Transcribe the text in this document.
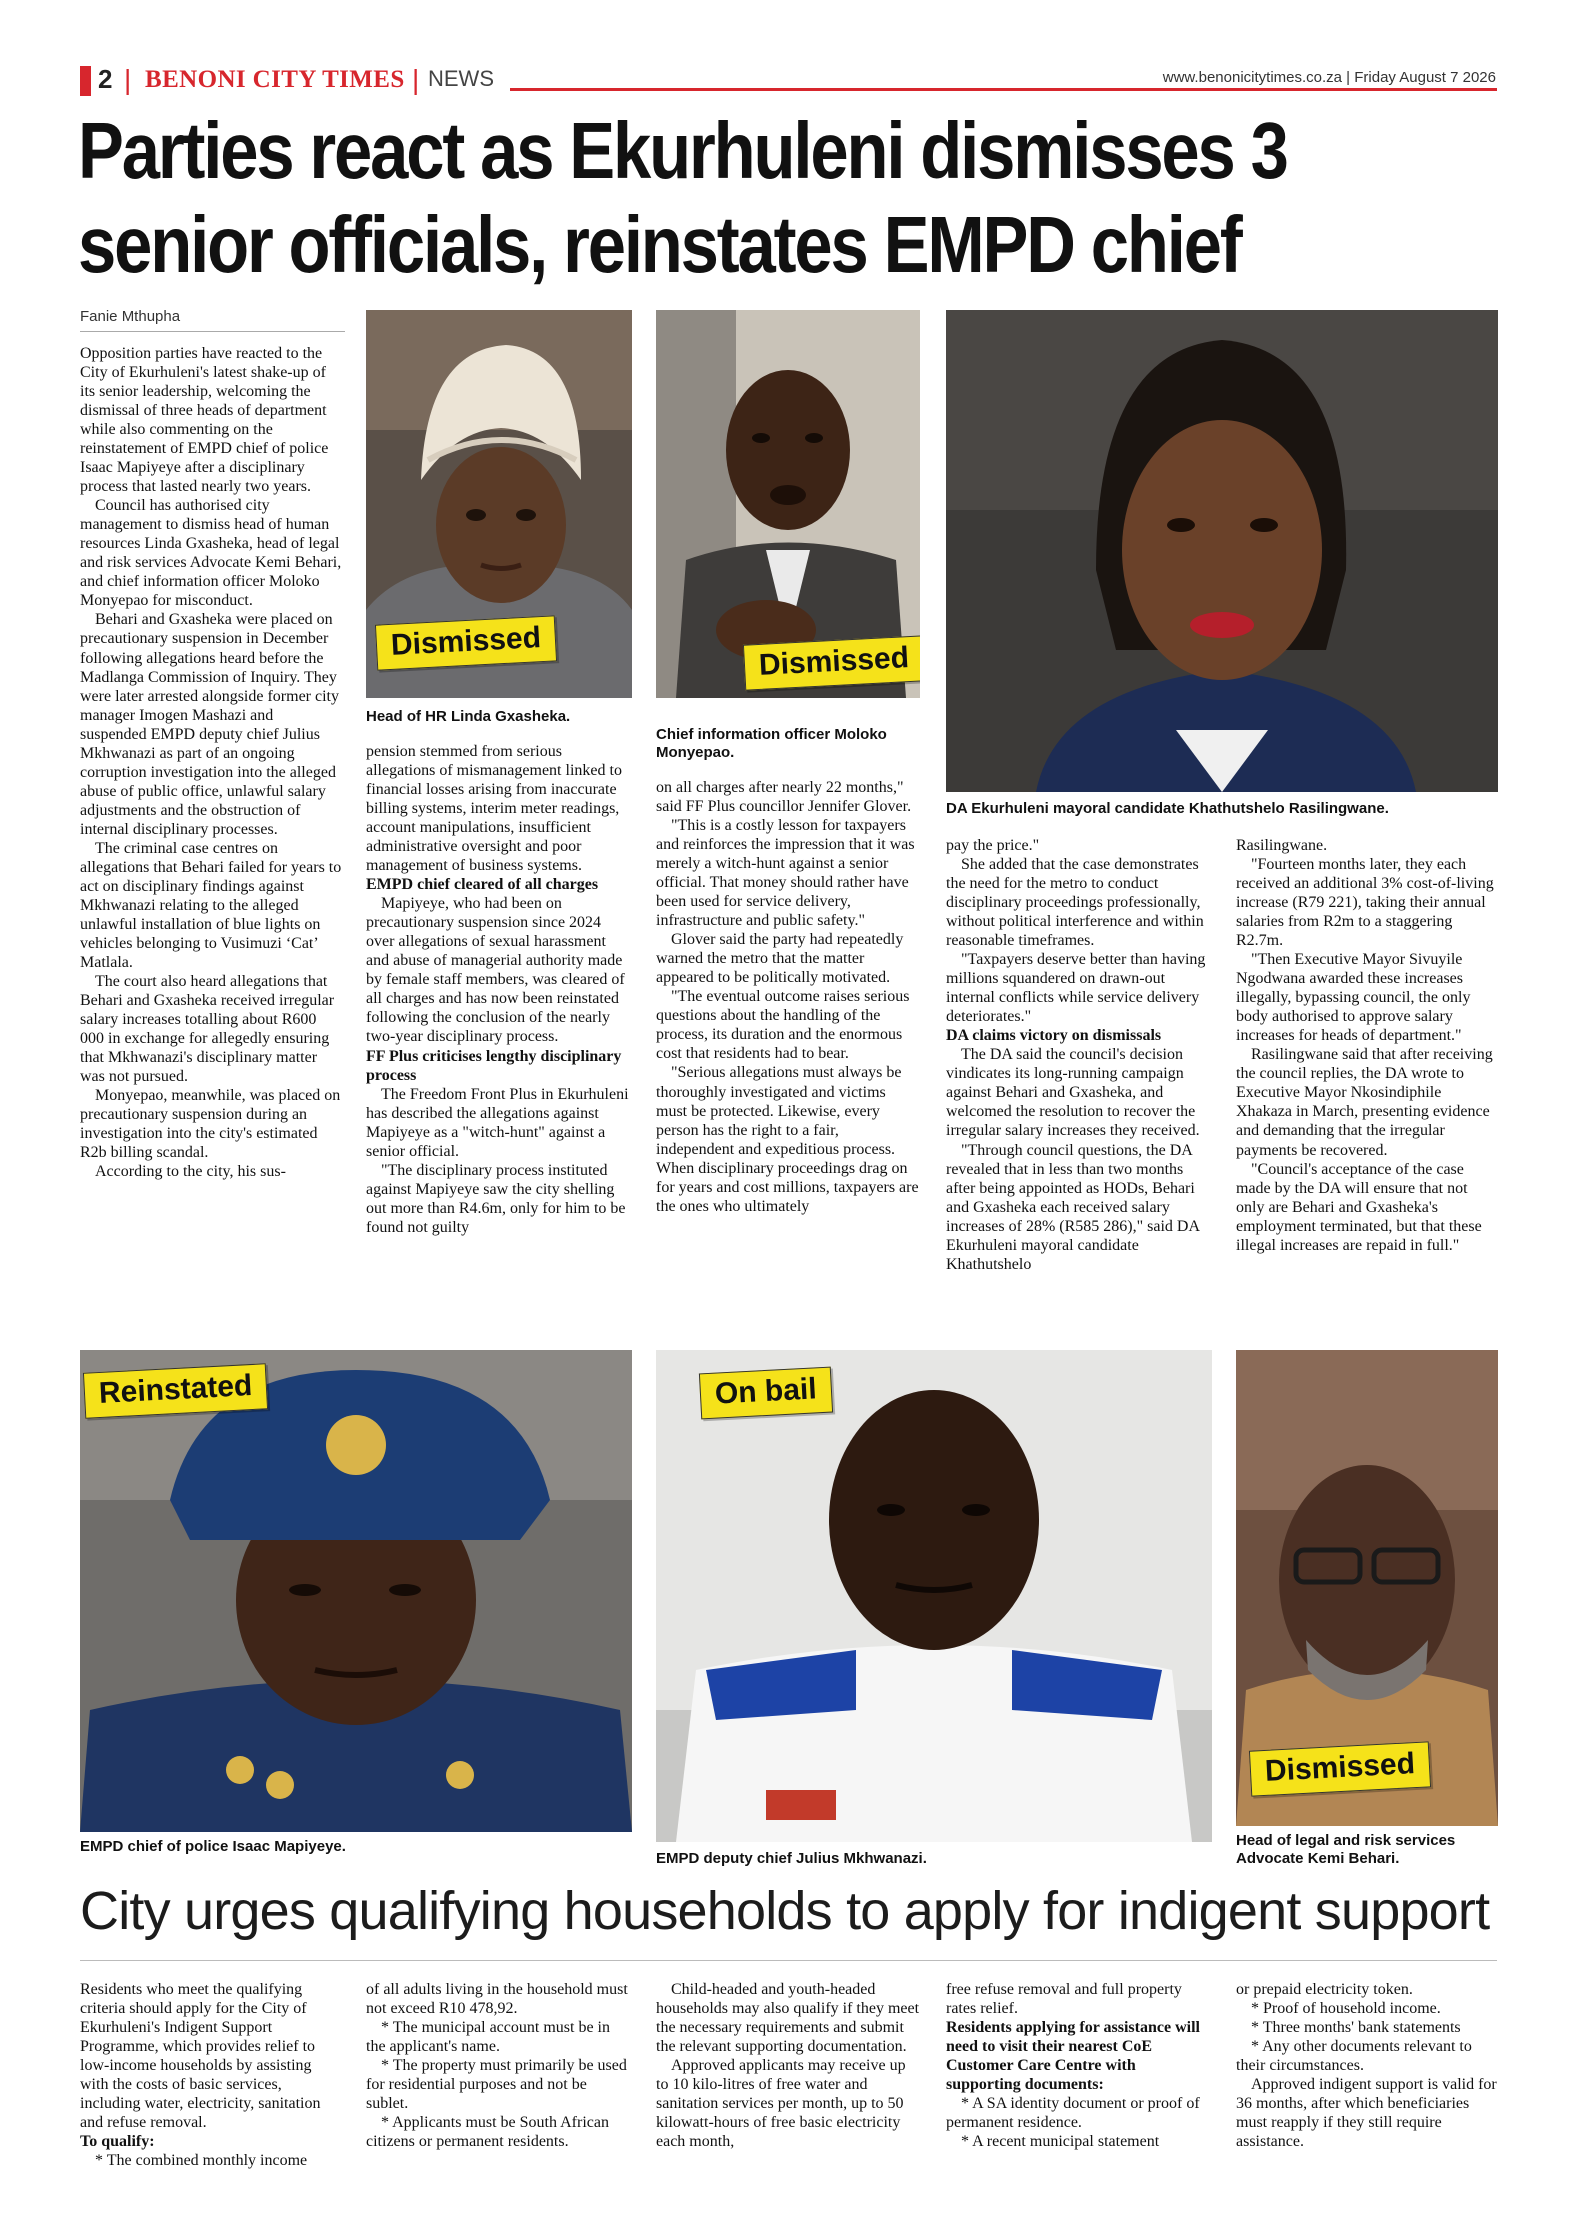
2 | BENONI CITY TIMES | NEWS	www.benonicitytimes.co.za | Friday August 7 2026
Parties react as Ekurhuleni dismisses 3
senior officials, reinstates EMPD chief
Fanie Mthupha

Opposition parties have reacted to the City of Ekurhuleni's latest shake-up of its senior leadership, welcoming the dismissal of three heads of department while also commenting on the reinstatement of EMPD chief of police Isaac Mapiyeye after a disciplinary process that lasted nearly two years.

Council has authorised city management to dismiss head of human resources Linda Gxasheka, head of legal and risk services Advocate Kemi Behari, and chief information officer Moloko Monyepao for misconduct.

Behari and Gxasheka were placed on precautionary suspension in December following allegations heard before the Madlanga Commission of Inquiry. They were later arrested alongside former city manager Imogen Mashazi and suspended EMPD deputy chief Julius Mkhwanazi as part of an ongoing corruption investigation into the alleged abuse of public office, unlawful salary adjustments and the obstruction of internal disciplinary processes.

The criminal case centres on allegations that Behari failed for years to act on disciplinary findings against Mkhwanazi relating to the alleged unlawful installation of blue lights on vehicles belonging to Vusimuzi ‘Cat’ Matlala.

The court also heard allegations that Behari and Gxasheka received irregular salary increases totalling about R600 000 in exchange for allegedly ensuring that Mkhwanazi's disciplinary matter was not pursued.

Monyepao, meanwhile, was placed on precautionary suspension during an investigation into the city's estimated R2b billing scandal.

According to the city, his sus-

Dismissed
Head of HR Linda Gxasheka.
Dismissed
Chief information officer Moloko Monyepao.
DA Ekurhuleni mayoral candidate Khathutshelo Rasilingwane.

pension stemmed from serious allegations of mismanagement linked to financial losses arising from inaccurate billing systems, interim meter readings, account manipulations, insufficient administrative oversight and poor management of business systems.

EMPD chief cleared of all charges

Mapiyeye, who had been on precautionary suspension since 2024 over allegations of sexual harassment and abuse of managerial authority made by female staff members, was cleared of all charges and has now been reinstated following the conclusion of the nearly two-year disciplinary process.

FF Plus criticises lengthy disciplinary process

The Freedom Front Plus in Ekurhuleni has described the allegations against Mapiyeye as a "witch-hunt" against a senior official.

"The disciplinary process instituted against Mapiyeye saw the city shelling out more than R4.6m, only for him to be found not guilty

on all charges after nearly 22 months," said FF Plus councillor Jennifer Glover.

"This is a costly lesson for taxpayers and reinforces the impression that it was merely a witch-hunt against a senior official. That money should rather have been used for service delivery, infrastructure and public safety."

Glover said the party had repeatedly warned the metro that the matter appeared to be politically motivated.

"The eventual outcome raises serious questions about the handling of the process, its duration and the enormous cost that residents had to bear.

"Serious allegations must always be thoroughly investigated and victims must be protected. Likewise, every person has the right to a fair, independent and expeditious process. When disciplinary proceedings drag on for years and cost millions, taxpayers are the ones who ultimately

pay the price."

She added that the case demonstrates the need for the metro to conduct disciplinary proceedings professionally, without political interference and within reasonable timeframes.

"Taxpayers deserve better than having millions squandered on drawn-out internal conflicts while service delivery deteriorates."

DA claims victory on dismissals

The DA said the council's decision vindicates its long-running campaign against Behari and Gxasheka, and welcomed the resolution to recover the irregular salary increases they received.

"Through council questions, the DA revealed that in less than two months after being appointed as HODs, Behari and Gxasheka each received salary increases of 28% (R585 286)," said DA Ekurhuleni mayoral candidate Khathutshelo

Rasilingwane.

"Fourteen months later, they each received an additional 3% cost-of-living increase (R79 221), taking their annual salaries from R2m to a staggering R2.7m.

"Then Executive Mayor Sivuyile Ngodwana awarded these increases illegally, bypassing council, the only body authorised to approve salary increases for heads of department."

Rasilingwane said that after receiving the council replies, the DA wrote to Executive Mayor Nkosindiphile Xhakaza in March, presenting evidence and demanding that the irregular payments be recovered.

"Council's acceptance of the case made by the DA will ensure that not only are Behari and Gxasheka's employment terminated, but that these illegal increases are repaid in full."

Reinstated
EMPD chief of police Isaac Mapiyeye.
On bail
EMPD deputy chief Julius Mkhwanazi.
Dismissed
Head of legal and risk services Advocate Kemi Behari.
City urges qualifying households to apply for indigent support

Residents who meet the qualifying criteria should apply for the City of Ekurhuleni's Indigent Support Programme, which provides relief to low-income households by assisting with the costs of basic services, including water, electricity, sanitation and refuse removal.

To qualify:

* The combined monthly income

of all adults living in the household must not exceed R10 478,92.

* The municipal account must be in the applicant's name.

* The property must primarily be used for residential purposes and not be sublet.

* Applicants must be South African citizens or permanent residents.

Child-headed and youth-headed households may also qualify if they meet the necessary requirements and submit the relevant supporting documentation.

Approved applicants may receive up to 10 kilo-litres of free water and sanitation services per month, up to 50 kilowatt-hours of free basic electricity each month,

free refuse removal and full property rates relief.

Residents applying for assistance will need to visit their nearest CoE Customer Care Centre with supporting documents:

* A SA identity document or proof of permanent residence.

* A recent municipal statement

or prepaid electricity token.

* Proof of household income.

* Three months' bank statements

* Any other documents relevant to their circumstances.

Approved indigent support is valid for 36 months, after which beneficiaries must reapply if they still require assistance.
